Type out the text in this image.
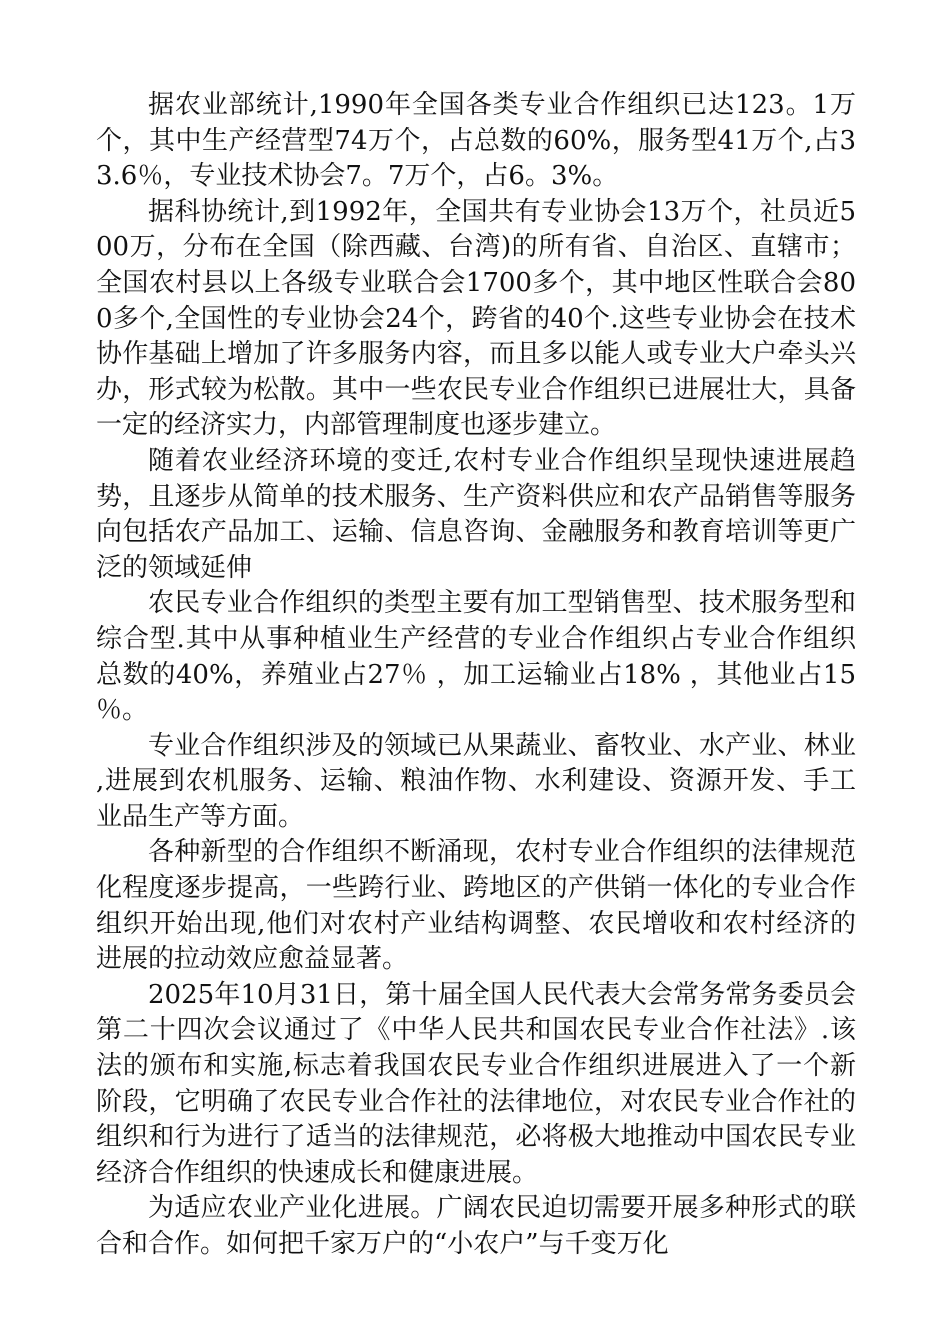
据农业部统计,1990年全国各类专业合作组织已达123。1万个，其中生产经营型74万个，占总数的60%，服务型41万个,占33.6％，专业技术协会7。7万个，占6。3%。

据科协统计,到1992年，全国共有专业协会13万个，社员近500万，分布在全国（除西藏、台湾)的所有省、自治区、直辖市；全国农村县以上各级专业联合会1700多个，其中地区性联合会800多个,全国性的专业协会24个，跨省的40个.这些专业协会在技术协作基础上增加了许多服务内容，而且多以能人或专业大户牵头兴办，形式较为松散。其中一些农民专业合作组织已进展壮大，具备一定的经济实力，内部管理制度也逐步建立。

随着农业经济环境的变迁,农村专业合作组织呈现快速进展趋势，且逐步从简单的技术服务、生产资料供应和农产品销售等服务向包括农产品加工、运输、信息咨询、金融服务和教育培训等更广泛的领域延伸

农民专业合作组织的类型主要有加工型销售型、技术服务型和综合型.其中从事种植业生产经营的专业合作组织占专业合作组织总数的40%，养殖业占27％ ，加工运输业占18% ，其他业占15％。

专业合作组织涉及的领域已从果蔬业、畜牧业、水产业、林业,进展到农机服务、运输、粮油作物、水利建设、资源开发、手工业品生产等方面。

各种新型的合作组织不断涌现，农村专业合作组织的法律规范化程度逐步提高，一些跨行业、跨地区的产供销一体化的专业合作组织开始出现,他们对农村产业结构调整、农民增收和农村经济的进展的拉动效应愈益显著。

2025年10月31日，第十届全国人民代表大会常务常务委员会第二十四次会议通过了《中华人民共和国农民专业合作社法》.该法的颁布和实施,标志着我国农民专业合作组织进展进入了一个新阶段，它明确了农民专业合作社的法律地位，对农民专业合作社的组织和行为进行了适当的法律规范，必将极大地推动中国农民专业经济合作组织的快速成长和健康进展。

为适应农业产业化进展。广阔农民迫切需要开展多种形式的联合和合作。如何把千家万户的“小农户”与千变万化
